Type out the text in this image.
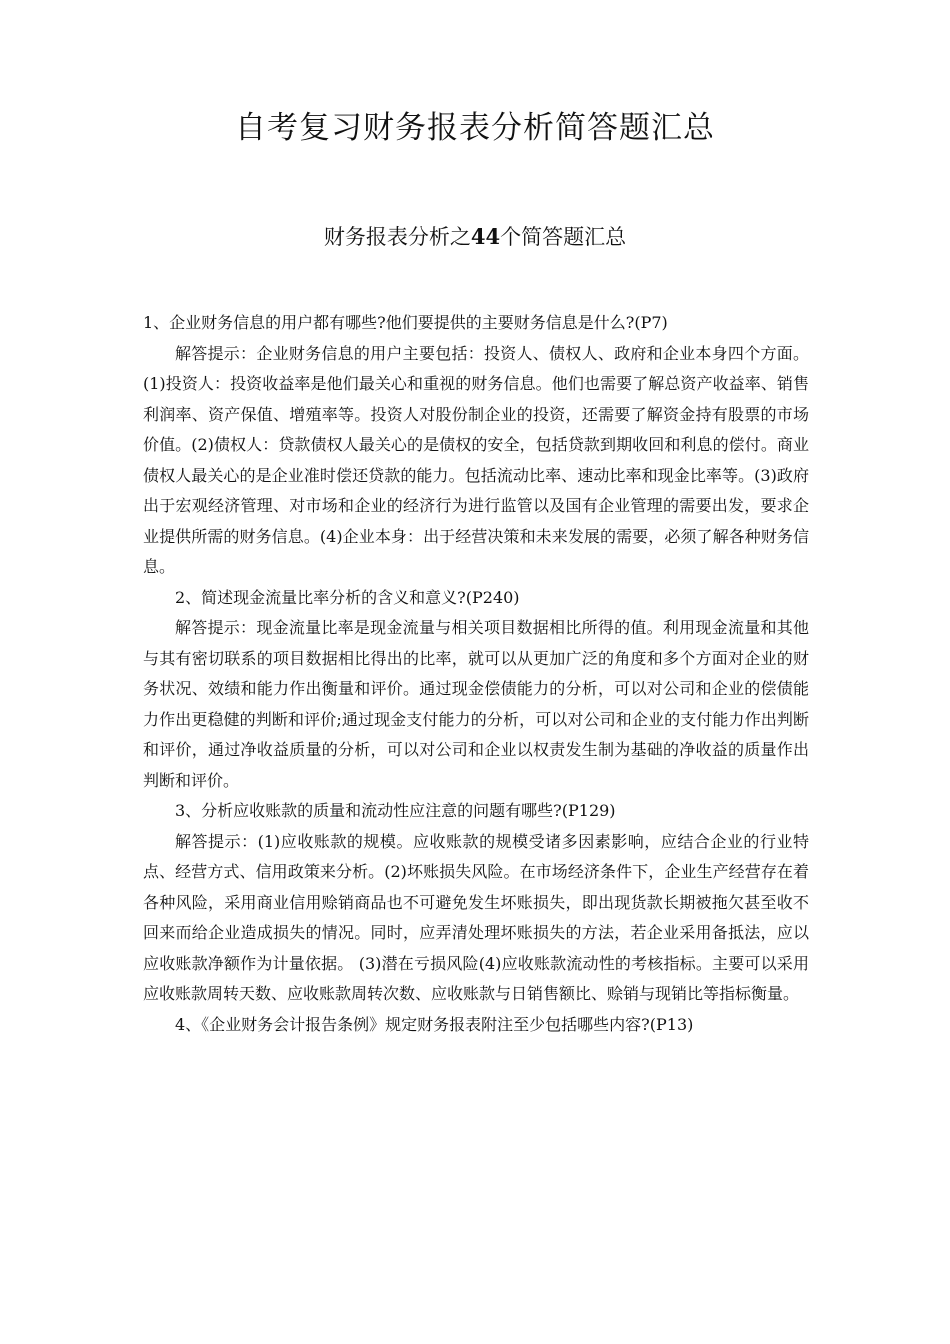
自考复习财务报表分析简答题汇总
财务报表分析之44个简答题汇总

1、企业财务信息的用户都有哪些?他们要提供的主要财务信息是什么?(P7)

解答提示：企业财务信息的用户主要包括：投资人、债权人、政府和企业本身四个方面。(1)投资人：投资收益率是他们最关心和重视的财务信息。他们也需要了解总资产收益率、销售利润率、资产保值、增殖率等。投资人对股份制企业的投资，还需要了解资金持有股票的市场价值。(2)债权人：贷款债权人最关心的是债权的安全，包括贷款到期收回和利息的偿付。商业债权人最关心的是企业准时偿还贷款的能力。包括流动比率、速动比率和现金比率等。(3)政府出于宏观经济管理、对市场和企业的经济行为进行监管以及国有企业管理的需要出发，要求企业提供所需的财务信息。(4)企业本身：出于经营决策和未来发展的需要，必须了解各种财务信息。

2、简述现金流量比率分析的含义和意义?(P240)

解答提示：现金流量比率是现金流量与相关项目数据相比所得的值。利用现金流量和其他与其有密切联系的项目数据相比得出的比率，就可以从更加广泛的角度和多个方面对企业的财务状况、效绩和能力作出衡量和评价。通过现金偿债能力的分析，可以对公司和企业的偿债能力作出更稳健的判断和评价;通过现金支付能力的分析，可以对公司和企业的支付能力作出判断和评价，通过净收益质量的分析，可以对公司和企业以权责发生制为基础的净收益的质量作出判断和评价。

3、分析应收账款的质量和流动性应注意的问题有哪些?(P129)

解答提示：(1)应收账款的规模。应收账款的规模受诸多因素影响，应结合企业的行业特点、经营方式、信用政策来分析。(2)坏账损失风险。在市场经济条件下，企业生产经营存在着各种风险，采用商业信用赊销商品也不可避免发生坏账损失，即出现货款长期被拖欠甚至收不回来而给企业造成损失的情况。同时，应弄清处理坏账损失的方法，若企业采用备抵法，应以应收账款净额作为计量依据。 (3)潜在亏损风险(4)应收账款流动性的考核指标。主要可以采用应收账款周转天数、应收账款周转次数、应收账款与日销售额比、赊销与现销比等指标衡量。

4、《企业财务会计报告条例》规定财务报表附注至少包括哪些内容?(P13)
